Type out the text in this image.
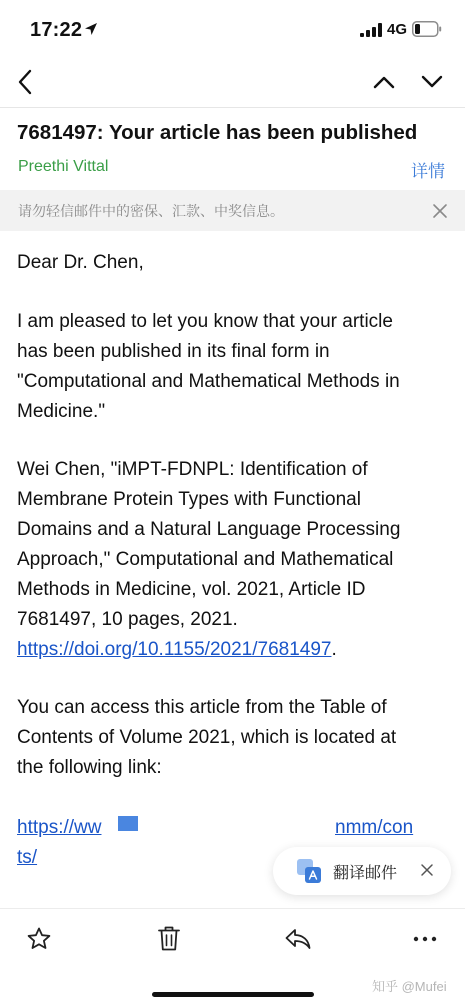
17:22	4G
7681497: Your article has been published
Preethi Vittal	详情
请勿轻信邮件中的密保、汇款、中奖信息。
Dear Dr. Chen,
I am pleased to let you know that your article
has been published in its final form in
"Computational and Mathematical Methods in
Medicine."
Wei Chen, "iMPT-FDNPL: Identification of
Membrane Protein Types with Functional
Domains and a Natural Language Processing
Approach," Computational and Mathematical
Methods in Medicine, vol. 2021, Article ID
7681497, 10 pages, 2021.
https://doi.org/10.1155/2021/7681497.
You can access this article from the Table of
Contents of Volume 2021, which is located at
the following link:
https://ww	nmm/con
ts/
翻译邮件
知乎 @Mufei
